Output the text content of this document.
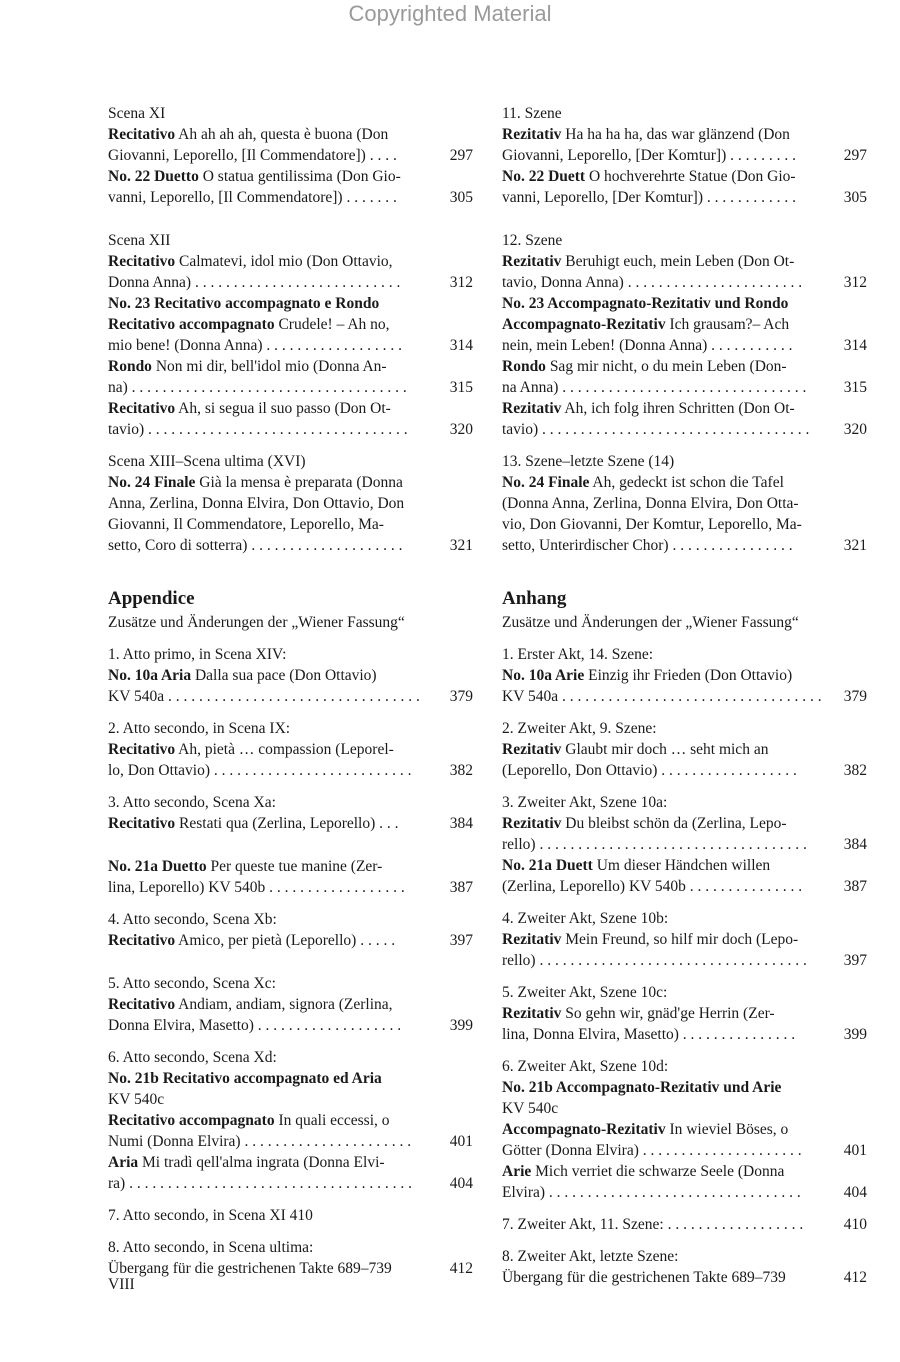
Copyrighted Material
Scena XI
Recitativo Ah ah ah ah, questa è buona (Don
Giovanni, Leporello, [Il Commendatore]) . . . .	297
No. 22 Duetto O statua gentilissima (Don Gio-
vanni, Leporello, [Il Commendatore]) . . . . . . .	305
Scena XII
Recitativo Calmatevi, idol mio (Don Ottavio,
Donna Anna) . . . . . . . . . . . . . . . . . . . . . . . . . . .	312
No. 23 Recitativo accompagnato e Rondo
Recitativo accompagnato Crudele! – Ah no,
mio bene! (Donna Anna) . . . . . . . . . . . . . . . . . .	314
Rondo Non mi dir, bell'idol mio (Donna An-
na) . . . . . . . . . . . . . . . . . . . . . . . . . . . . . . . . . . . .	315
Recitativo Ah, si segua il suo passo (Don Ot-
tavio) . . . . . . . . . . . . . . . . . . . . . . . . . . . . . . . . . .	320
Scena XIII–Scena ultima (XVI)
No. 24 Finale Già la mensa è preparata (Donna
Anna, Zerlina, Donna Elvira, Don Ottavio, Don
Giovanni, Il Commendatore, Leporello, Ma-
setto, Coro di sotterra) . . . . . . . . . . . . . . . . . . . .	321
Appendice
Zusätze und Änderungen der „Wiener Fassung“
1. Atto primo, in Scena XIV:
No. 10a Aria Dalla sua pace (Don Ottavio)
KV 540a . . . . . . . . . . . . . . . . . . . . . . . . . . . . . . . . .	379
2. Atto secondo, in Scena IX:
Recitativo Ah, pietà … compassion (Leporel-
lo, Don Ottavio) . . . . . . . . . . . . . . . . . . . . . . . . . .	382
3. Atto secondo, Scena Xa:
Recitativo Restati qua (Zerlina, Leporello) . . .	384
No. 21a Duetto Per queste tue manine (Zer-
lina, Leporello) KV 540b . . . . . . . . . . . . . . . . . .	387
4. Atto secondo, Scena Xb:
Recitativo Amico, per pietà (Leporello) . . . . .	397
5. Atto secondo, Scena Xc:
Recitativo Andiam, andiam, signora (Zerlina,
Donna Elvira, Masetto) . . . . . . . . . . . . . . . . . . .	399
6. Atto secondo, Scena Xd:
No. 21b Recitativo accompagnato ed Aria
KV 540c
Recitativo accompagnato In quali eccessi, o
Numi (Donna Elvira) . . . . . . . . . . . . . . . . . . . . . .	401
Aria Mi tradì qell'alma ingrata (Donna Elvi-
ra) . . . . . . . . . . . . . . . . . . . . . . . . . . . . . . . . . . . . .	404
7. Atto secondo, in Scena XI 410
8. Atto secondo, in Scena ultima:
Übergang für die gestrichenen Takte 689–739	412
11. Szene
Rezitativ Ha ha ha ha, das war glänzend (Don
Giovanni, Leporello, [Der Komtur]) . . . . . . . . .	297
No. 22 Duett O hochverehrte Statue (Don Gio-
vanni, Leporello, [Der Komtur]) . . . . . . . . . . . .	305
12. Szene
Rezitativ Beruhigt euch, mein Leben (Don Ot-
tavio, Donna Anna) . . . . . . . . . . . . . . . . . . . . . . .	312
No. 23 Accompagnato-Rezitativ und Rondo
Accompagnato-Rezitativ Ich grausam?– Ach
nein, mein Leben! (Donna Anna) . . . . . . . . . . .	314
Rondo Sag mir nicht, o du mein Leben (Don-
na Anna) . . . . . . . . . . . . . . . . . . . . . . . . . . . . . . . .	315
Rezitativ Ah, ich folg ihren Schritten (Don Ot-
tavio) . . . . . . . . . . . . . . . . . . . . . . . . . . . . . . . . . . .	320
13. Szene–letzte Szene (14)
No. 24 Finale Ah, gedeckt ist schon die Tafel
(Donna Anna, Zerlina, Donna Elvira, Don Otta-
vio, Don Giovanni, Der Komtur, Leporello, Ma-
setto, Unterirdischer Chor) . . . . . . . . . . . . . . . .	321
Anhang
Zusätze und Änderungen der „Wiener Fassung“
1. Erster Akt, 14. Szene:
No. 10a Arie Einzig ihr Frieden (Don Ottavio)
KV 540a . . . . . . . . . . . . . . . . . . . . . . . . . . . . . . . . . .	379
2. Zweiter Akt, 9. Szene:
Rezitativ Glaubt mir doch … seht mich an
(Leporello, Don Ottavio) . . . . . . . . . . . . . . . . . .	382
3. Zweiter Akt, Szene 10a:
Rezitativ Du bleibst schön da (Zerlina, Lepo-
rello) . . . . . . . . . . . . . . . . . . . . . . . . . . . . . . . . . . .	384
No. 21a Duett Um dieser Händchen willen
(Zerlina, Leporello) KV 540b . . . . . . . . . . . . . . .	387
4. Zweiter Akt, Szene 10b:
Rezitativ Mein Freund, so hilf mir doch (Lepo-
rello) . . . . . . . . . . . . . . . . . . . . . . . . . . . . . . . . . . .	397
5. Zweiter Akt, Szene 10c:
Rezitativ So gehn wir, gnäd'ge Herrin (Zer-
lina, Donna Elvira, Masetto) . . . . . . . . . . . . . . .	399
6. Zweiter Akt, Szene 10d:
No. 21b Accompagnato-Rezitativ und Arie
KV 540c
Accompagnato-Rezitativ In wieviel Böses, o
Götter (Donna Elvira) . . . . . . . . . . . . . . . . . . . . .	401
Arie Mich verriet die schwarze Seele (Donna
Elvira) . . . . . . . . . . . . . . . . . . . . . . . . . . . . . . . . .	404
7. Zweiter Akt, 11. Szene: . . . . . . . . . . . . . . . . . .	410
8. Zweiter Akt, letzte Szene:
Übergang für die gestrichenen Takte 689–739	412
VIII
